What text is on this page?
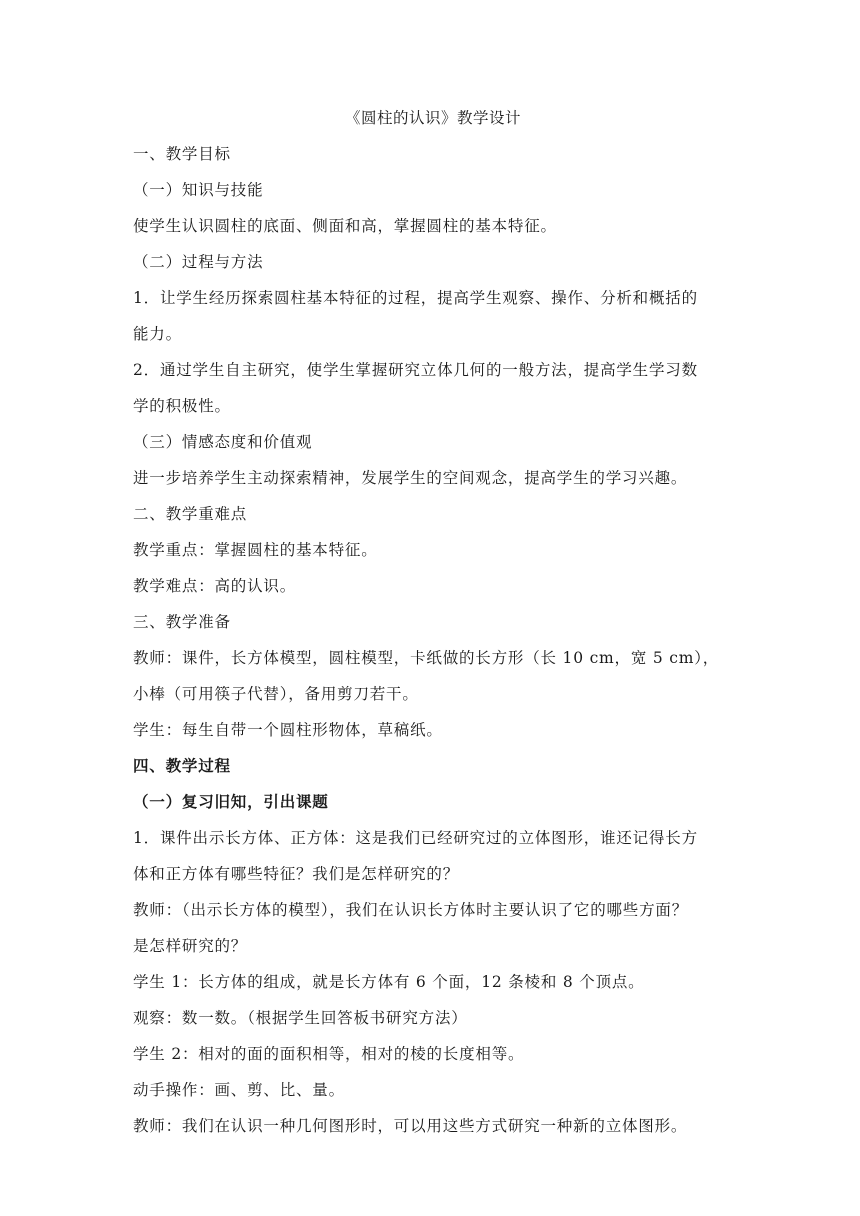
《圆柱的认识》教学设计
一、教学目标
（一）知识与技能
使学生认识圆柱的底面、侧面和高，掌握圆柱的基本特征。
（二）过程与方法
1．让学生经历探索圆柱基本特征的过程，提高学生观察、操作、分析和概括的
能力。
2．通过学生自主研究，使学生掌握研究立体几何的一般方法，提高学生学习数
学的积极性。
（三）情感态度和价值观
进一步培养学生主动探索精神，发展学生的空间观念，提高学生的学习兴趣。
二、教学重难点
教学重点：掌握圆柱的基本特征。
教学难点：高的认识。
三、教学准备
教师：课件，长方体模型，圆柱模型，卡纸做的长方形（长 10 cm，宽 5 cm），
小棒（可用筷子代替），备用剪刀若干。
学生：每生自带一个圆柱形物体，草稿纸。
四、教学过程
（一）复习旧知，引出课题
1．课件出示长方体、正方体：这是我们已经研究过的立体图形，谁还记得长方
体和正方体有哪些特征？我们是怎样研究的？
教师：（出示长方体的模型），我们在认识长方体时主要认识了它的哪些方面？
是怎样研究的？
学生 1：长方体的组成，就是长方体有 6 个面，12 条棱和 8 个顶点。
观察：数一数。（根据学生回答板书研究方法）
学生 2：相对的面的面积相等，相对的棱的长度相等。
动手操作：画、剪、比、量。
教师：我们在认识一种几何图形时，可以用这些方式研究一种新的立体图形。
